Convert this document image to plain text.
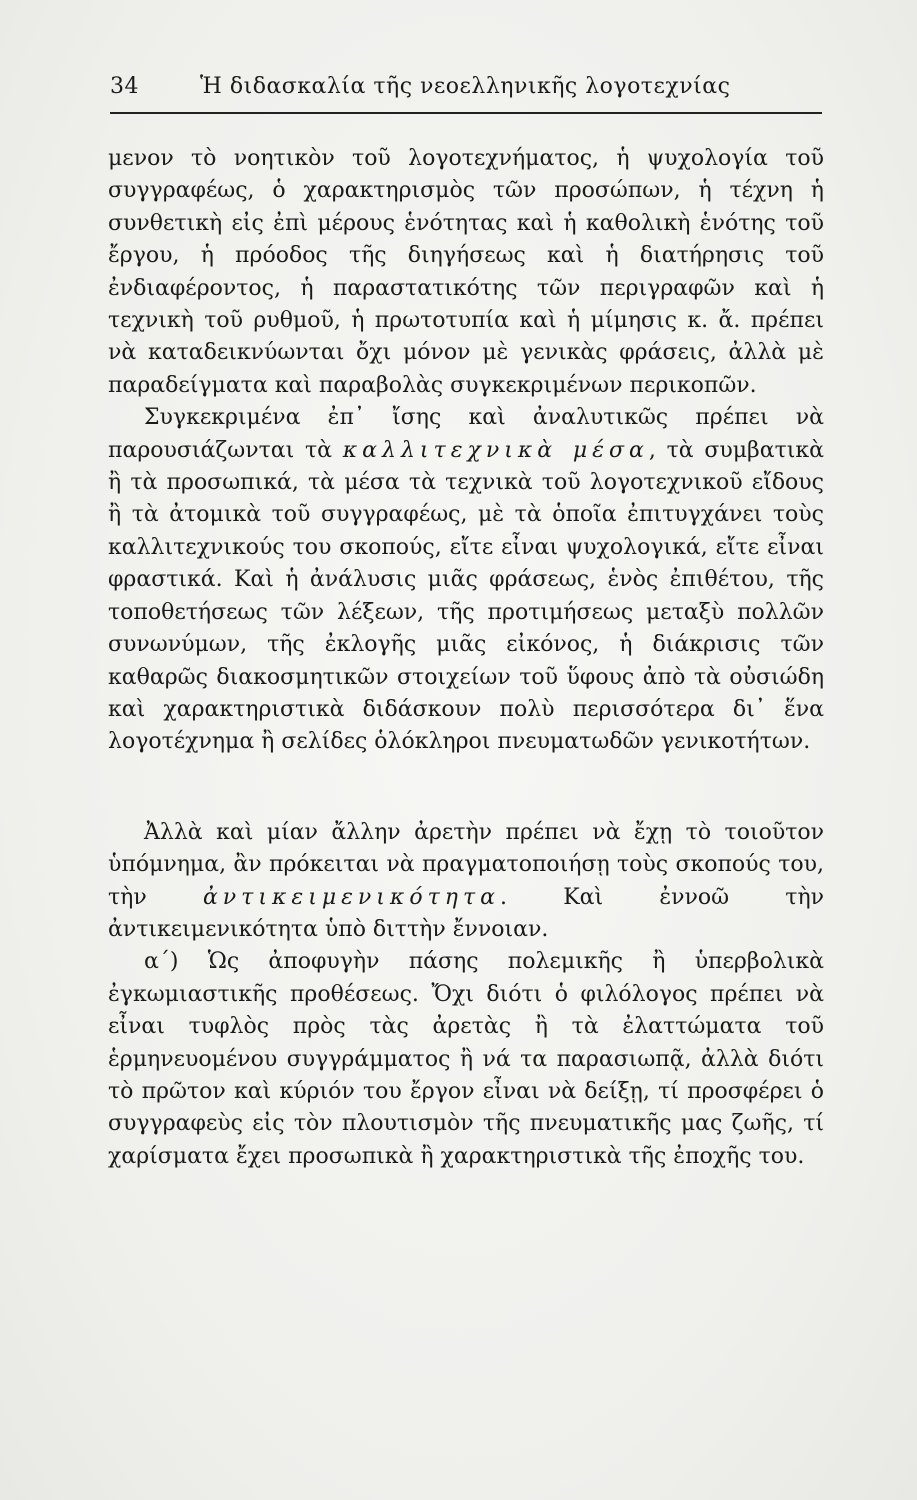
34	Ἡ διδασκαλία τῆς νεοελληνικῆς λογοτεχνίας

μενον τὸ νοητικὸν τοῦ λογοτεχνήματος, ἡ ψυχολογία τοῦ συγγραφέως, ὁ χαρακτηρισμὸς τῶν προσώπων, ἡ τέχνη ἡ συνθετικὴ εἰς ἐπὶ μέρους ἑνότητας καὶ ἡ καθολικὴ ἑνότης τοῦ ἔργου, ἡ πρόοδος τῆς διηγήσεως καὶ ἡ διατήρησις τοῦ ἐνδιαφέροντος, ἡ παραστατικότης τῶν περιγραφῶν καὶ ἡ τεχνικὴ τοῦ ρυθμοῦ, ἡ πρωτοτυπία καὶ ἡ μίμησις κ. ἄ. πρέπει νὰ καταδεικνύωνται ὄχι μόνον μὲ γενικὰς φράσεις, ἀλλὰ μὲ παραδείγματα καὶ παραβολὰς συγκεκριμένων περικοπῶν.

Συγκεκριμένα ἐπ᾿ ἴσης καὶ ἀναλυτικῶς πρέπει νὰ παρουσιάζωνται τὰ καλλιτεχνικὰ μέσα, τὰ συμβατικὰ ἢ τὰ προσωπικά, τὰ μέσα τὰ τεχνικὰ τοῦ λογοτεχνικοῦ εἴδους ἢ τὰ ἀτομικὰ τοῦ συγγραφέως, μὲ τὰ ὁποῖα ἐπιτυγχάνει τοὺς καλλιτεχνικούς του σκοπούς, εἴτε εἶναι ψυχολογικά, εἴτε εἶναι φραστικά. Καὶ ἡ ἀνάλυσις μιᾶς φράσεως, ἑνὸς ἐπιθέτου, τῆς τοποθετήσεως τῶν λέξεων, τῆς προτιμήσεως μεταξὺ πολλῶν συνωνύμων, τῆς ἐκλογῆς μιᾶς εἰκόνος, ἡ διάκρισις τῶν καθαρῶς διακοσμητικῶν στοιχείων τοῦ ὕφους ἀπὸ τὰ οὐσιώδη καὶ χαρακτηριστικὰ διδάσκουν πολὺ περισσότερα δι᾿ ἕνα λογοτέχνημα ἢ σελίδες ὁλόκληροι πνευματωδῶν γενικοτήτων.

Ἀλλὰ καὶ μίαν ἄλλην ἀρετὴν πρέπει νὰ ἔχῃ τὸ τοιοῦτον ὑπόμνημα, ἂν πρόκειται νὰ πραγματοποιήσῃ τοὺς σκοπούς του, τὴν ἀντικειμενικότητα. Καὶ ἐννοῶ τὴν ἀντικειμενικότητα ὑπὸ διττὴν ἔννοιαν.

α΄) Ὡς ἀποφυγὴν πάσης πολεμικῆς ἢ ὑπερβολικὰ ἐγκωμιαστικῆς προθέσεως. Ὄχι διότι ὁ φιλόλογος πρέπει νὰ εἶναι τυφλὸς πρὸς τὰς ἀρετὰς ἢ τὰ ἐλαττώματα τοῦ ἑρμηνευομένου συγγράμματος ἢ νά τα παρασιωπᾷ, ἀλλὰ διότι τὸ πρῶτον καὶ κύριόν του ἔργον εἶναι νὰ δείξῃ, τί προσφέρει ὁ συγγραφεὺς εἰς τὸν πλουτισμὸν τῆς πνευματικῆς μας ζωῆς, τί χαρίσματα ἔχει προσωπικὰ ἢ χαρακτηριστικὰ τῆς ἐποχῆς του.
